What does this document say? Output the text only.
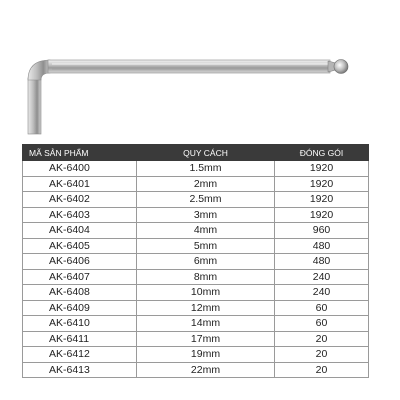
MÃ SẢN PHẨM	QUY CÁCH	ĐÓNG GÓI
AK-6400	1.5mm	1920
AK-6401	2mm	1920
AK-6402	2.5mm	1920
AK-6403	3mm	1920
AK-6404	4mm	960
AK-6405	5mm	480
AK-6406	6mm	480
AK-6407	8mm	240
AK-6408	10mm	240
AK-6409	12mm	60
AK-6410	14mm	60
AK-6411	17mm	20
AK-6412	19mm	20
AK-6413	22mm	20
